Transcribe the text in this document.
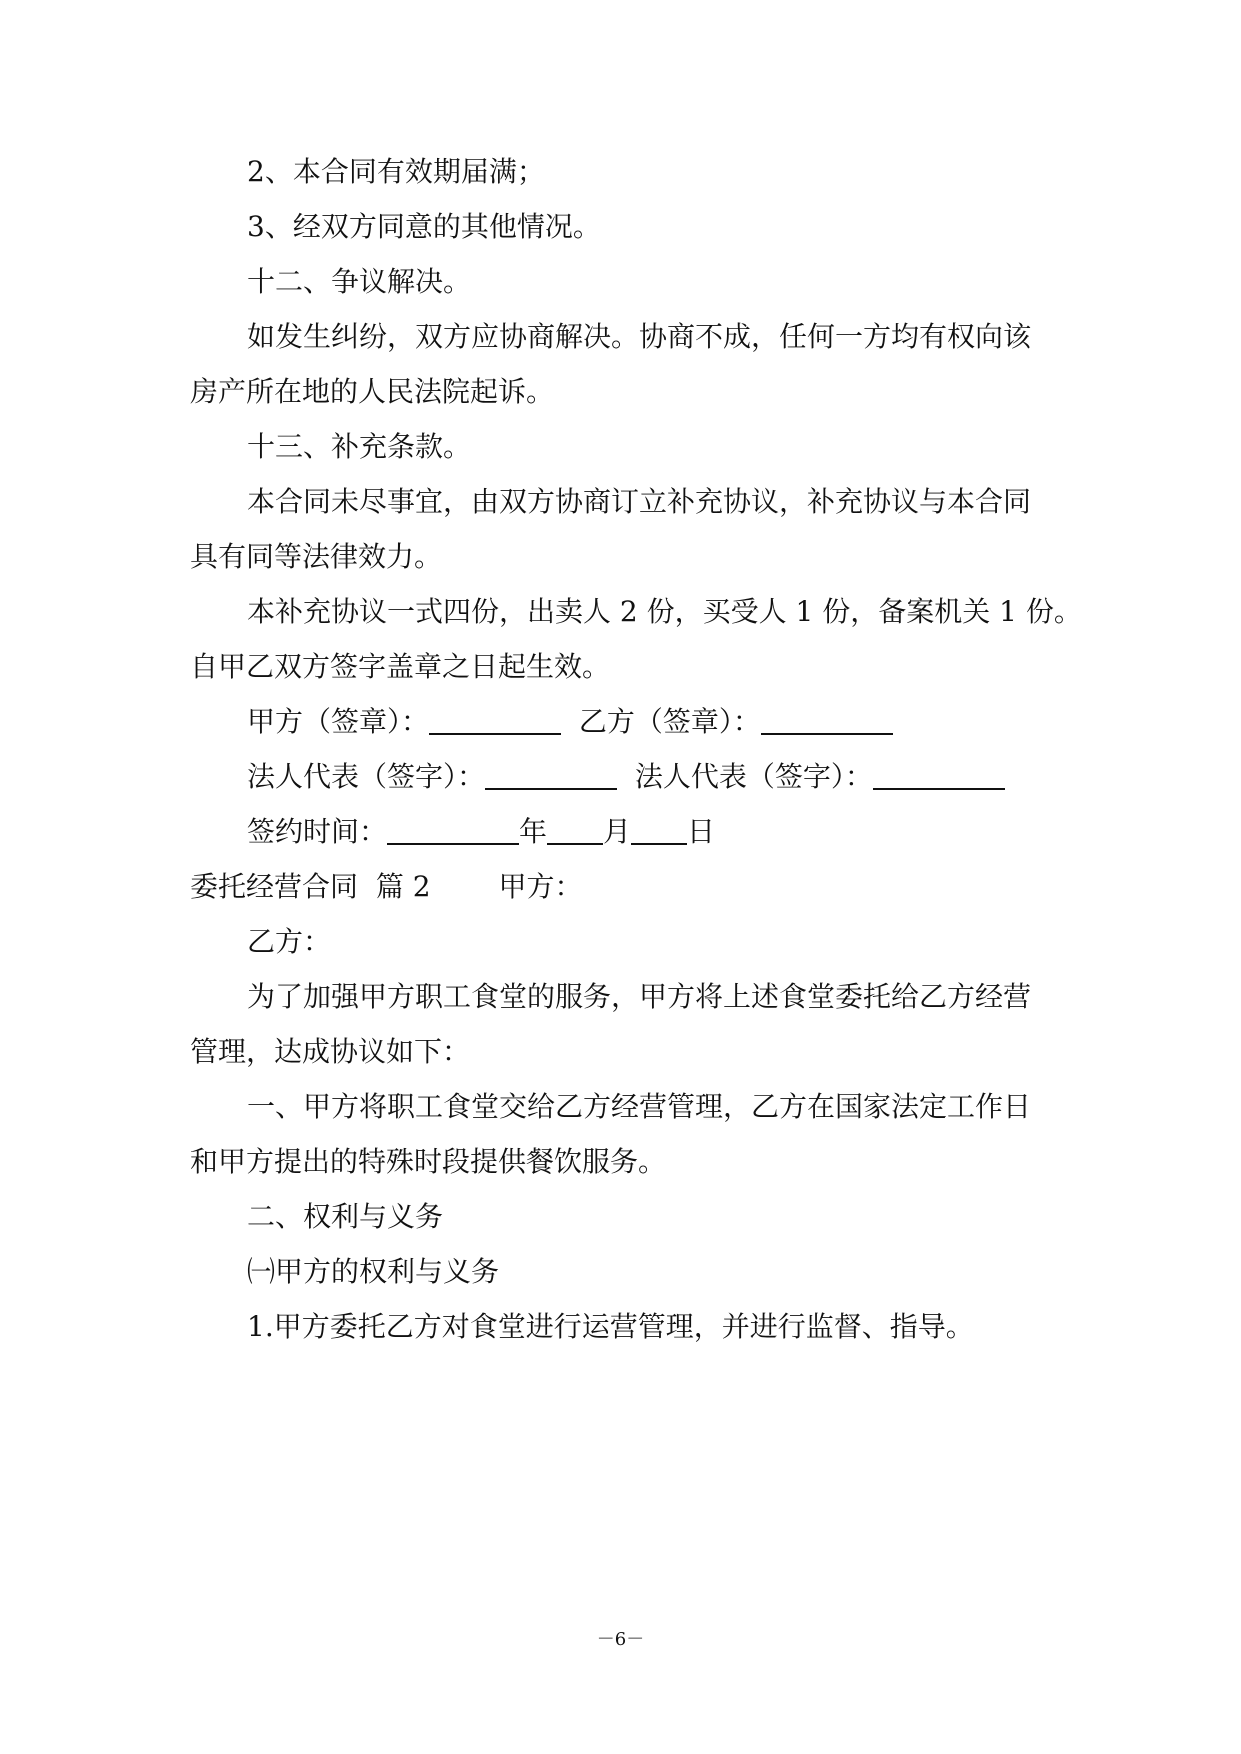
2、本合同有效期届满；
3、经双方同意的其他情况。
十二、争议解决。
如发生纠纷，双方应协商解决。协商不成，任何一方均有权向该
房产所在地的人民法院起诉。
十三、补充条款。
本合同未尽事宜，由双方协商订立补充协议，补充协议与本合同
具有同等法律效力。
本补充协议一式四份，出卖人 2 份，买受人 1 份，备案机关 1 份。
自甲乙双方签字盖章之日起生效。
甲方（签章）：	乙方（签章）：
法人代表（签字）：	法人代表（签字）：
签约时间：	年 月 日
委托经营合同 篇 2 甲方：
乙方：
为了加强甲方职工食堂的服务，甲方将上述食堂委托给乙方经营
管理，达成协议如下：
一、甲方将职工食堂交给乙方经营管理，乙方在国家法定工作日
和甲方提出的特殊时段提供餐饮服务。
二、权利与义务
㈠甲方的权利与义务
1.甲方委托乙方对食堂进行运营管理，并进行监督、指导。
－6－
